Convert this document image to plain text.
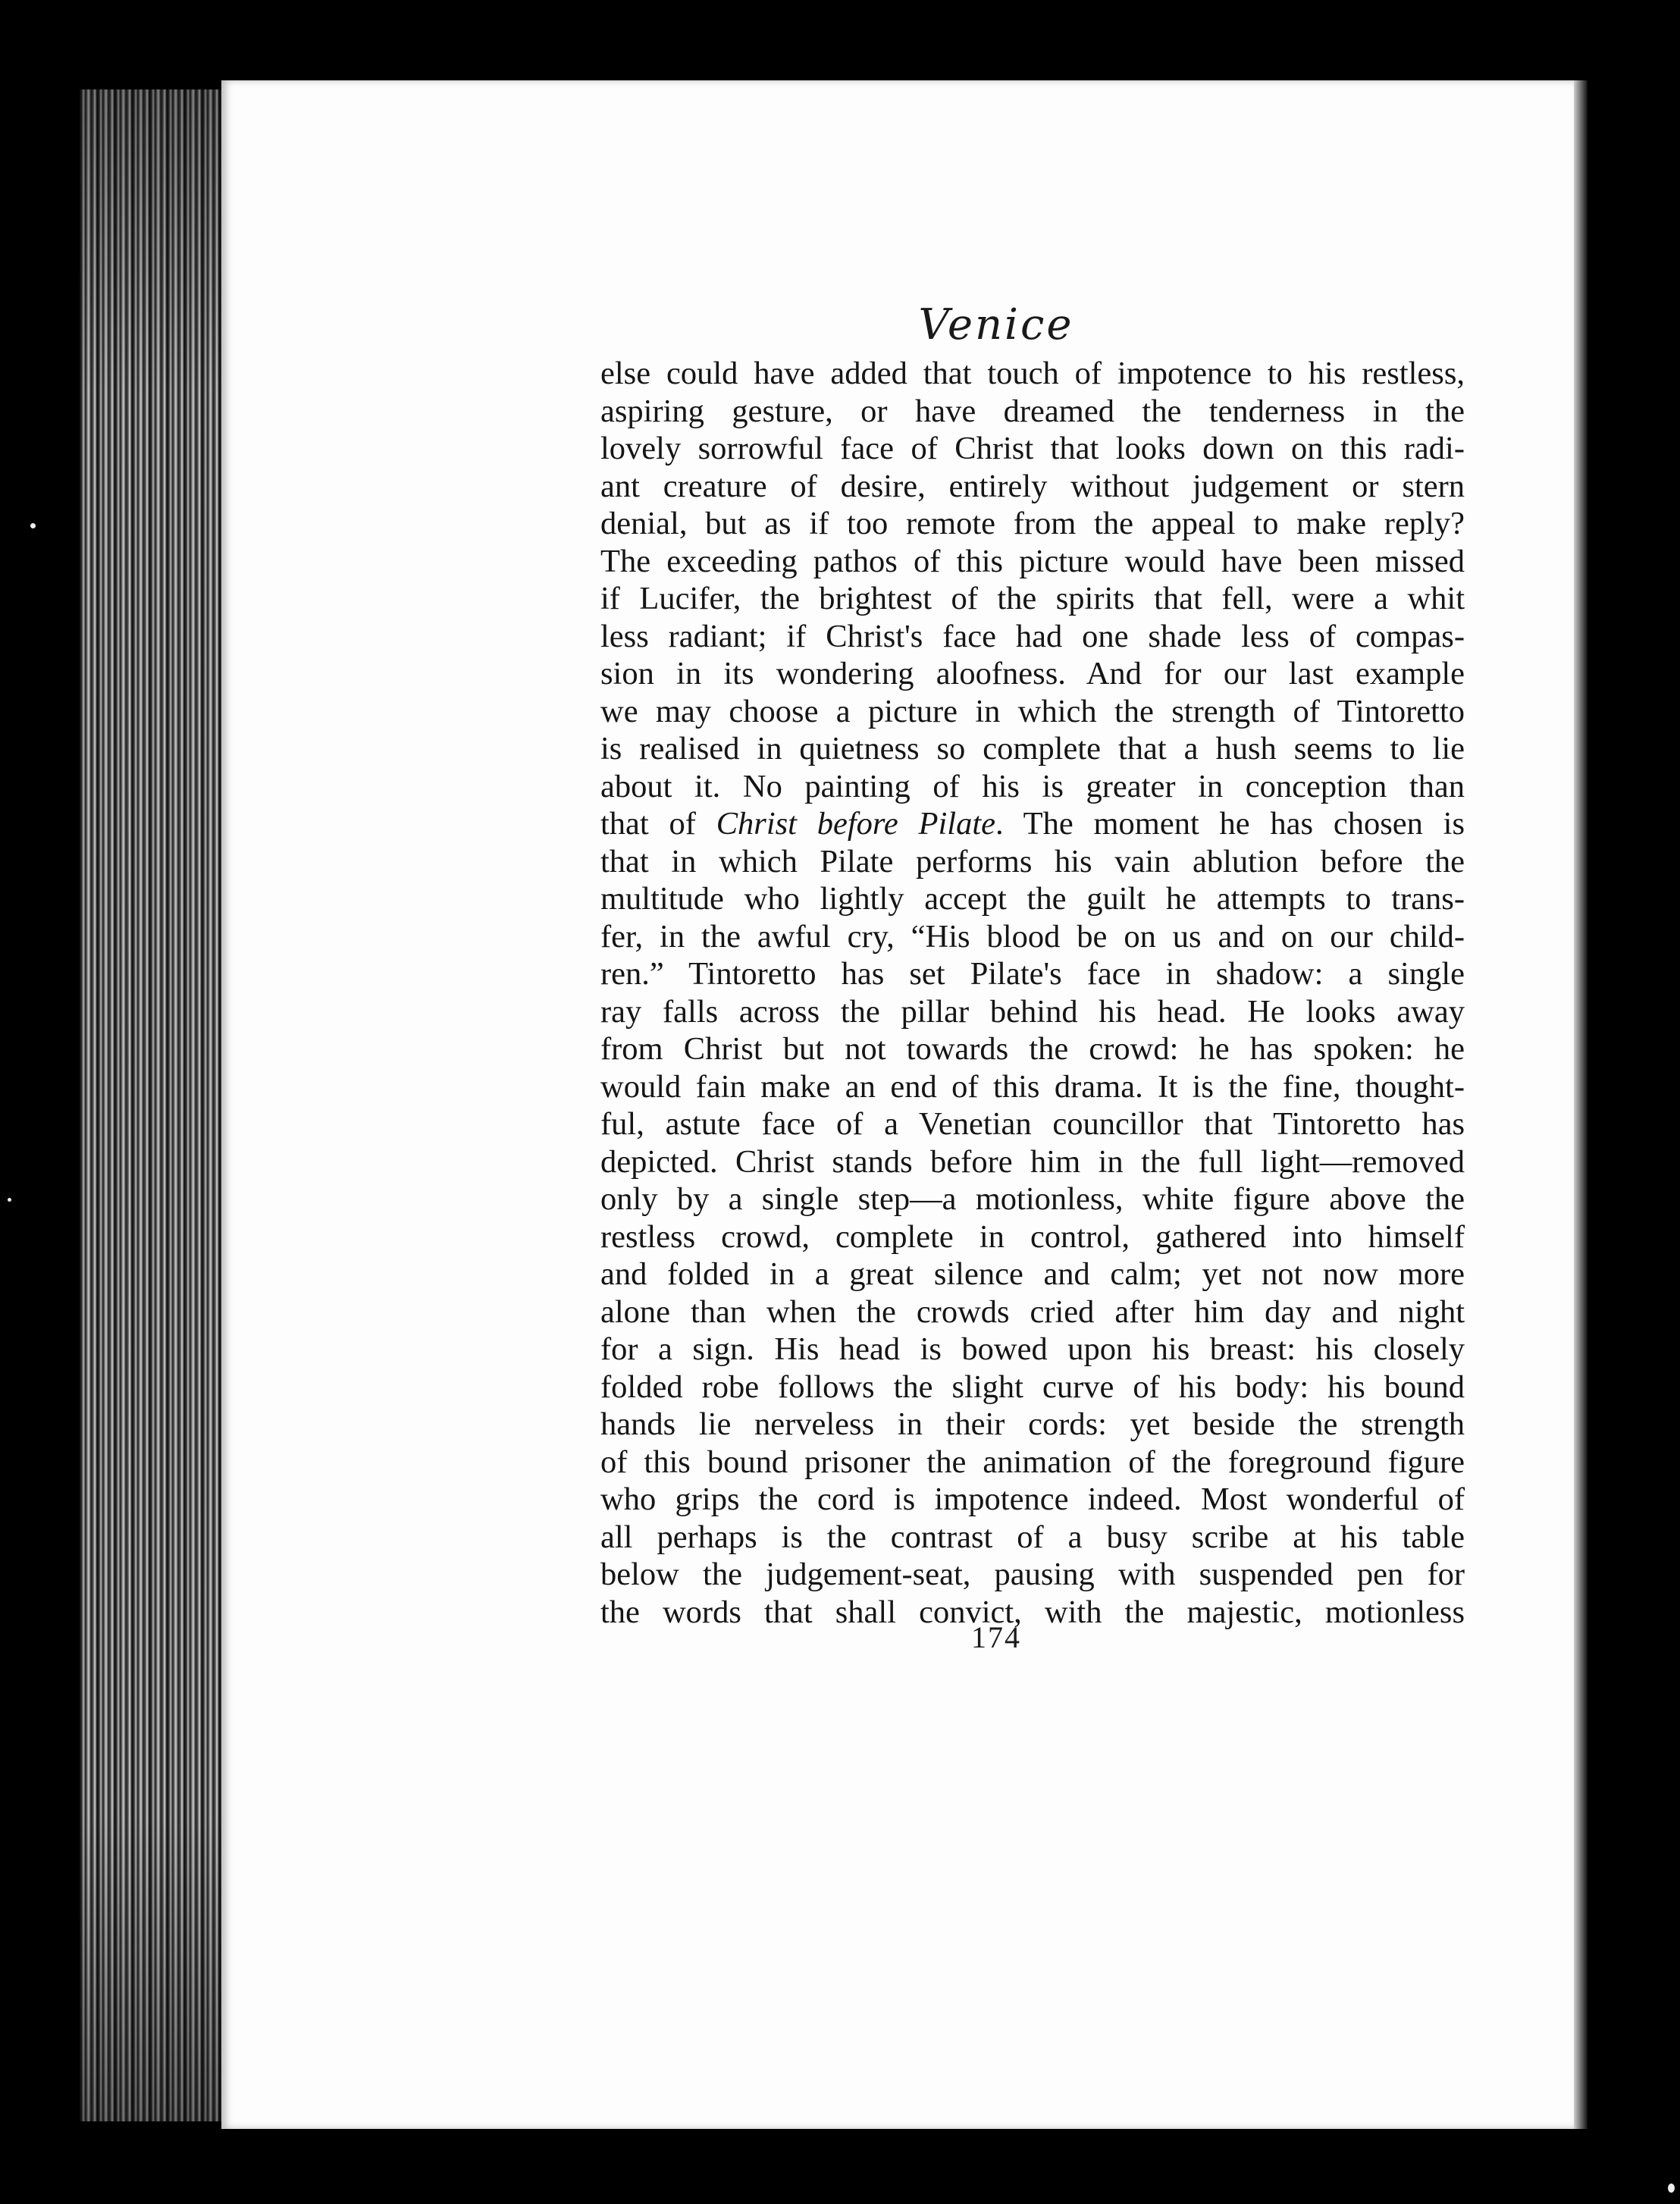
Venice
else could have added that touch of impotence to his restless,
aspiring gesture, or have dreamed the tenderness in the
lovely sorrowful face of Christ that looks down on this radi-
ant creature of desire, entirely without judgement or stern
denial, but as if too remote from the appeal to make reply?
The exceeding pathos of this picture would have been missed
if Lucifer, the brightest of the spirits that fell, were a whit
less radiant; if Christ's face had one shade less of compas-
sion in its wondering aloofness. And for our last example
we may choose a picture in which the strength of Tintoretto
is realised in quietness so complete that a hush seems to lie
about it. No painting of his is greater in conception than
that of Christ before Pilate. The moment he has chosen is
that in which Pilate performs his vain ablution before the
multitude who lightly accept the guilt he attempts to trans-
fer, in the awful cry, “His blood be on us and on our child-
ren.” Tintoretto has set Pilate's face in shadow: a single
ray falls across the pillar behind his head. He looks away
from Christ but not towards the crowd: he has spoken: he
would fain make an end of this drama. It is the fine, thought-
ful, astute face of a Venetian councillor that Tintoretto has
depicted. Christ stands before him in the full light—removed
only by a single step—a motionless, white figure above the
restless crowd, complete in control, gathered into himself
and folded in a great silence and calm; yet not now more
alone than when the crowds cried after him day and night
for a sign. His head is bowed upon his breast: his closely
folded robe follows the slight curve of his body: his bound
hands lie nerveless in their cords: yet beside the strength
of this bound prisoner the animation of the foreground figure
who grips the cord is impotence indeed. Most wonderful of
all perhaps is the contrast of a busy scribe at his table
below the judgement-seat, pausing with suspended pen for
the words that shall convict, with the majestic, motionless
174
